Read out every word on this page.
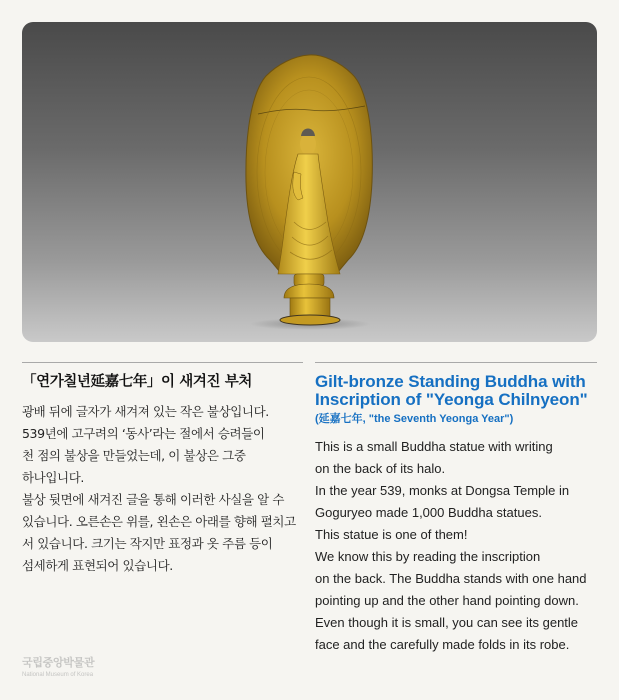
「연가칠년延嘉七年」이 새겨진 부처

광배 뒤에 글자가 새겨져 있는 작은 불상입니다.
539년에 고구려의 ‘동사’라는 절에서 승려들이
천 점의 불상을 만들었는데, 이 불상은 그중
하나입니다.
불상 뒷면에 새겨진 글을 통해 이러한 사실을 알 수
있습니다. 오른손은 위를, 왼손은 아래를 향해 펼치고
서 있습니다. 크기는 작지만 표정과 옷 주름 등이
섬세하게 표현되어 있습니다.

Gilt-bronze Standing Buddha with
Inscription of "Yeonga Chilnyeon"
(延嘉七年, "the Seventh Yeonga Year")

This is a small Buddha statue with writing
on the back of its halo.
In the year 539, monks at Dongsa Temple in
Goguryeo made 1,000 Buddha statues.
This statue is one of them!
We know this by reading the inscription
on the back. The Buddha stands with one hand
pointing up and the other hand pointing down.
Even though it is small, you can see its gentle
face and the carefully made folds in its robe.

국립중앙박물관
National Museum of Korea
